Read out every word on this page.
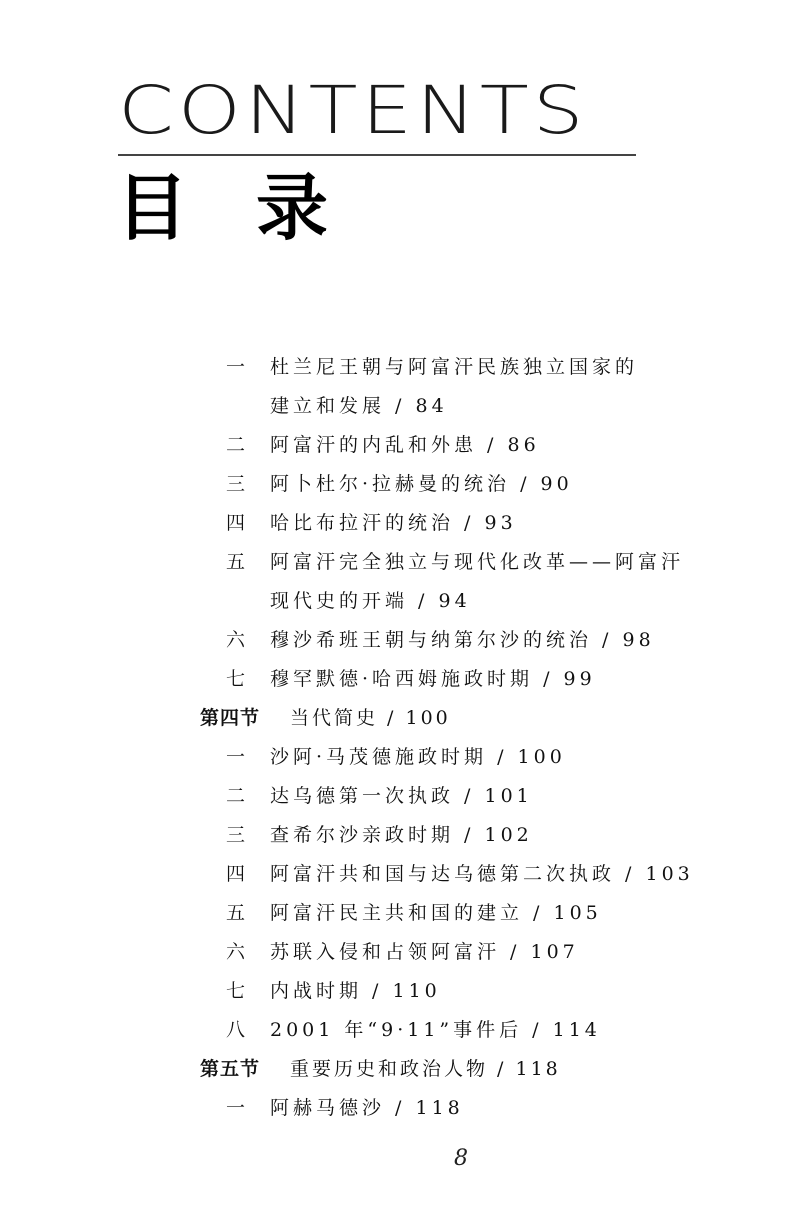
CONTENTS
目录
一	杜兰尼王朝与阿富汗民族独立国家的
建立和发展 / 84
二	阿富汗的内乱和外患 / 86
三	阿卜杜尔·拉赫曼的统治 / 90
四	哈比布拉汗的统治 / 93
五	阿富汗完全独立与现代化改革——阿富汗
现代史的开端 / 94
六	穆沙希班王朝与纳第尔沙的统治 / 98
七	穆罕默德·哈西姆施政时期 / 99
第四节 当代简史 / 100
一	沙阿·马茂德施政时期 / 100
二	达乌德第一次执政 / 101
三	查希尔沙亲政时期 / 102
四	阿富汗共和国与达乌德第二次执政 / 103
五	阿富汗民主共和国的建立 / 105
六	苏联入侵和占领阿富汗 / 107
七	内战时期 / 110
八	2001 年“9·11”事件后 / 114
第五节 重要历史和政治人物 / 118
一	阿赫马德沙 / 118
8
